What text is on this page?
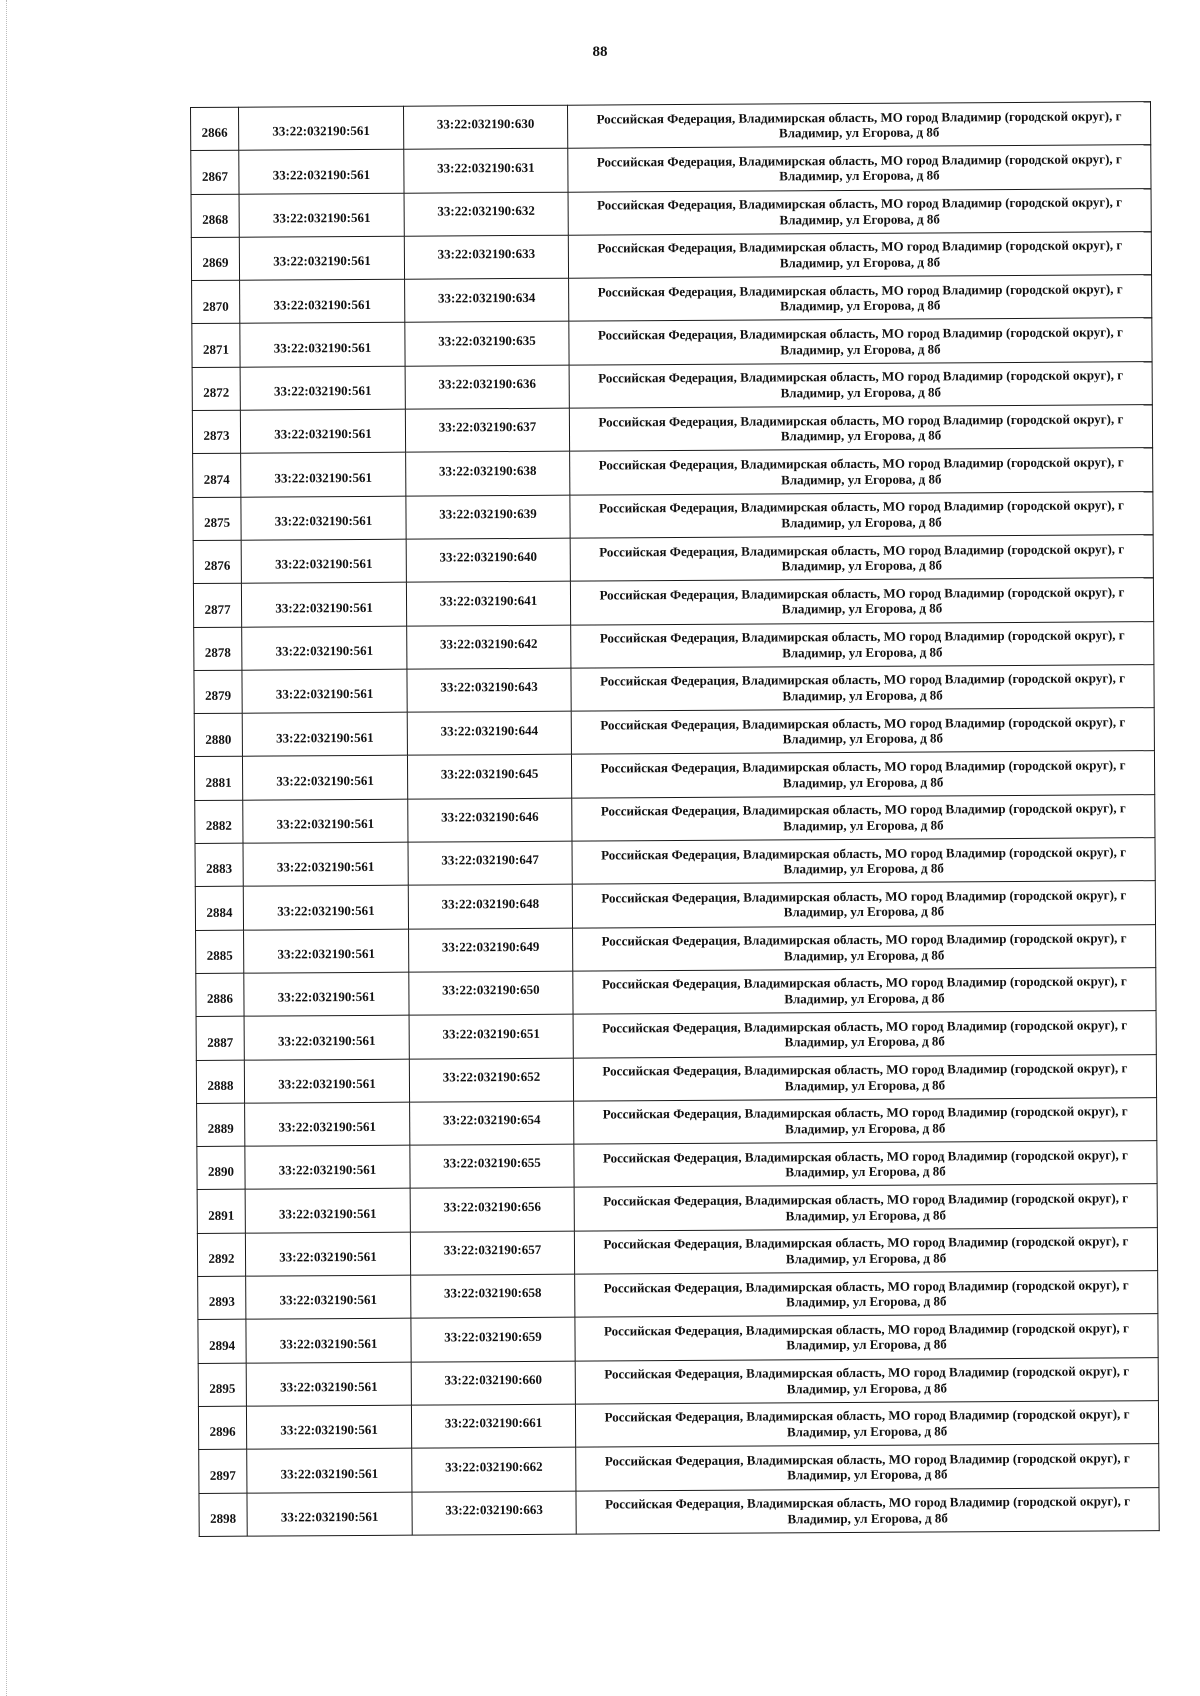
88
2866	33:22:032190:561	33:22:032190:630	Российская Федерация, Владимирская область, МО город Владимир (городской округ), г Владимир, ул Егорова, д 8б
2867	33:22:032190:561	33:22:032190:631	Российская Федерация, Владимирская область, МО город Владимир (городской округ), г Владимир, ул Егорова, д 8б
2868	33:22:032190:561	33:22:032190:632	Российская Федерация, Владимирская область, МО город Владимир (городской округ), г Владимир, ул Егорова, д 8б
2869	33:22:032190:561	33:22:032190:633	Российская Федерация, Владимирская область, МО город Владимир (городской округ), г Владимир, ул Егорова, д 8б
2870	33:22:032190:561	33:22:032190:634	Российская Федерация, Владимирская область, МО город Владимир (городской округ), г Владимир, ул Егорова, д 8б
2871	33:22:032190:561	33:22:032190:635	Российская Федерация, Владимирская область, МО город Владимир (городской округ), г Владимир, ул Егорова, д 8б
2872	33:22:032190:561	33:22:032190:636	Российская Федерация, Владимирская область, МО город Владимир (городской округ), г Владимир, ул Егорова, д 8б
2873	33:22:032190:561	33:22:032190:637	Российская Федерация, Владимирская область, МО город Владимир (городской округ), г Владимир, ул Егорова, д 8б
2874	33:22:032190:561	33:22:032190:638	Российская Федерация, Владимирская область, МО город Владимир (городской округ), г Владимир, ул Егорова, д 8б
2875	33:22:032190:561	33:22:032190:639	Российская Федерация, Владимирская область, МО город Владимир (городской округ), г Владимир, ул Егорова, д 8б
2876	33:22:032190:561	33:22:032190:640	Российская Федерация, Владимирская область, МО город Владимир (городской округ), г Владимир, ул Егорова, д 8б
2877	33:22:032190:561	33:22:032190:641	Российская Федерация, Владимирская область, МО город Владимир (городской округ), г Владимир, ул Егорова, д 8б
2878	33:22:032190:561	33:22:032190:642	Российская Федерация, Владимирская область, МО город Владимир (городской округ), г Владимир, ул Егорова, д 8б
2879	33:22:032190:561	33:22:032190:643	Российская Федерация, Владимирская область, МО город Владимир (городской округ), г Владимир, ул Егорова, д 8б
2880	33:22:032190:561	33:22:032190:644	Российская Федерация, Владимирская область, МО город Владимир (городской округ), г Владимир, ул Егорова, д 8б
2881	33:22:032190:561	33:22:032190:645	Российская Федерация, Владимирская область, МО город Владимир (городской округ), г Владимир, ул Егорова, д 8б
2882	33:22:032190:561	33:22:032190:646	Российская Федерация, Владимирская область, МО город Владимир (городской округ), г Владимир, ул Егорова, д 8б
2883	33:22:032190:561	33:22:032190:647	Российская Федерация, Владимирская область, МО город Владимир (городской округ), г Владимир, ул Егорова, д 8б
2884	33:22:032190:561	33:22:032190:648	Российская Федерация, Владимирская область, МО город Владимир (городской округ), г Владимир, ул Егорова, д 8б
2885	33:22:032190:561	33:22:032190:649	Российская Федерация, Владимирская область, МО город Владимир (городской округ), г Владимир, ул Егорова, д 8б
2886	33:22:032190:561	33:22:032190:650	Российская Федерация, Владимирская область, МО город Владимир (городской округ), г Владимир, ул Егорова, д 8б
2887	33:22:032190:561	33:22:032190:651	Российская Федерация, Владимирская область, МО город Владимир (городской округ), г Владимир, ул Егорова, д 8б
2888	33:22:032190:561	33:22:032190:652	Российская Федерация, Владимирская область, МО город Владимир (городской округ), г Владимир, ул Егорова, д 8б
2889	33:22:032190:561	33:22:032190:654	Российская Федерация, Владимирская область, МО город Владимир (городской округ), г Владимир, ул Егорова, д 8б
2890	33:22:032190:561	33:22:032190:655	Российская Федерация, Владимирская область, МО город Владимир (городской округ), г Владимир, ул Егорова, д 8б
2891	33:22:032190:561	33:22:032190:656	Российская Федерация, Владимирская область, МО город Владимир (городской округ), г Владимир, ул Егорова, д 8б
2892	33:22:032190:561	33:22:032190:657	Российская Федерация, Владимирская область, МО город Владимир (городской округ), г Владимир, ул Егорова, д 8б
2893	33:22:032190:561	33:22:032190:658	Российская Федерация, Владимирская область, МО город Владимир (городской округ), г Владимир, ул Егорова, д 8б
2894	33:22:032190:561	33:22:032190:659	Российская Федерация, Владимирская область, МО город Владимир (городской округ), г Владимир, ул Егорова, д 8б
2895	33:22:032190:561	33:22:032190:660	Российская Федерация, Владимирская область, МО город Владимир (городской округ), г Владимир, ул Егорова, д 8б
2896	33:22:032190:561	33:22:032190:661	Российская Федерация, Владимирская область, МО город Владимир (городской округ), г Владимир, ул Егорова, д 8б
2897	33:22:032190:561	33:22:032190:662	Российская Федерация, Владимирская область, МО город Владимир (городской округ), г Владимир, ул Егорова, д 8б
2898	33:22:032190:561	33:22:032190:663	Российская Федерация, Владимирская область, МО город Владимир (городской округ), г Владимир, ул Егорова, д 8б
